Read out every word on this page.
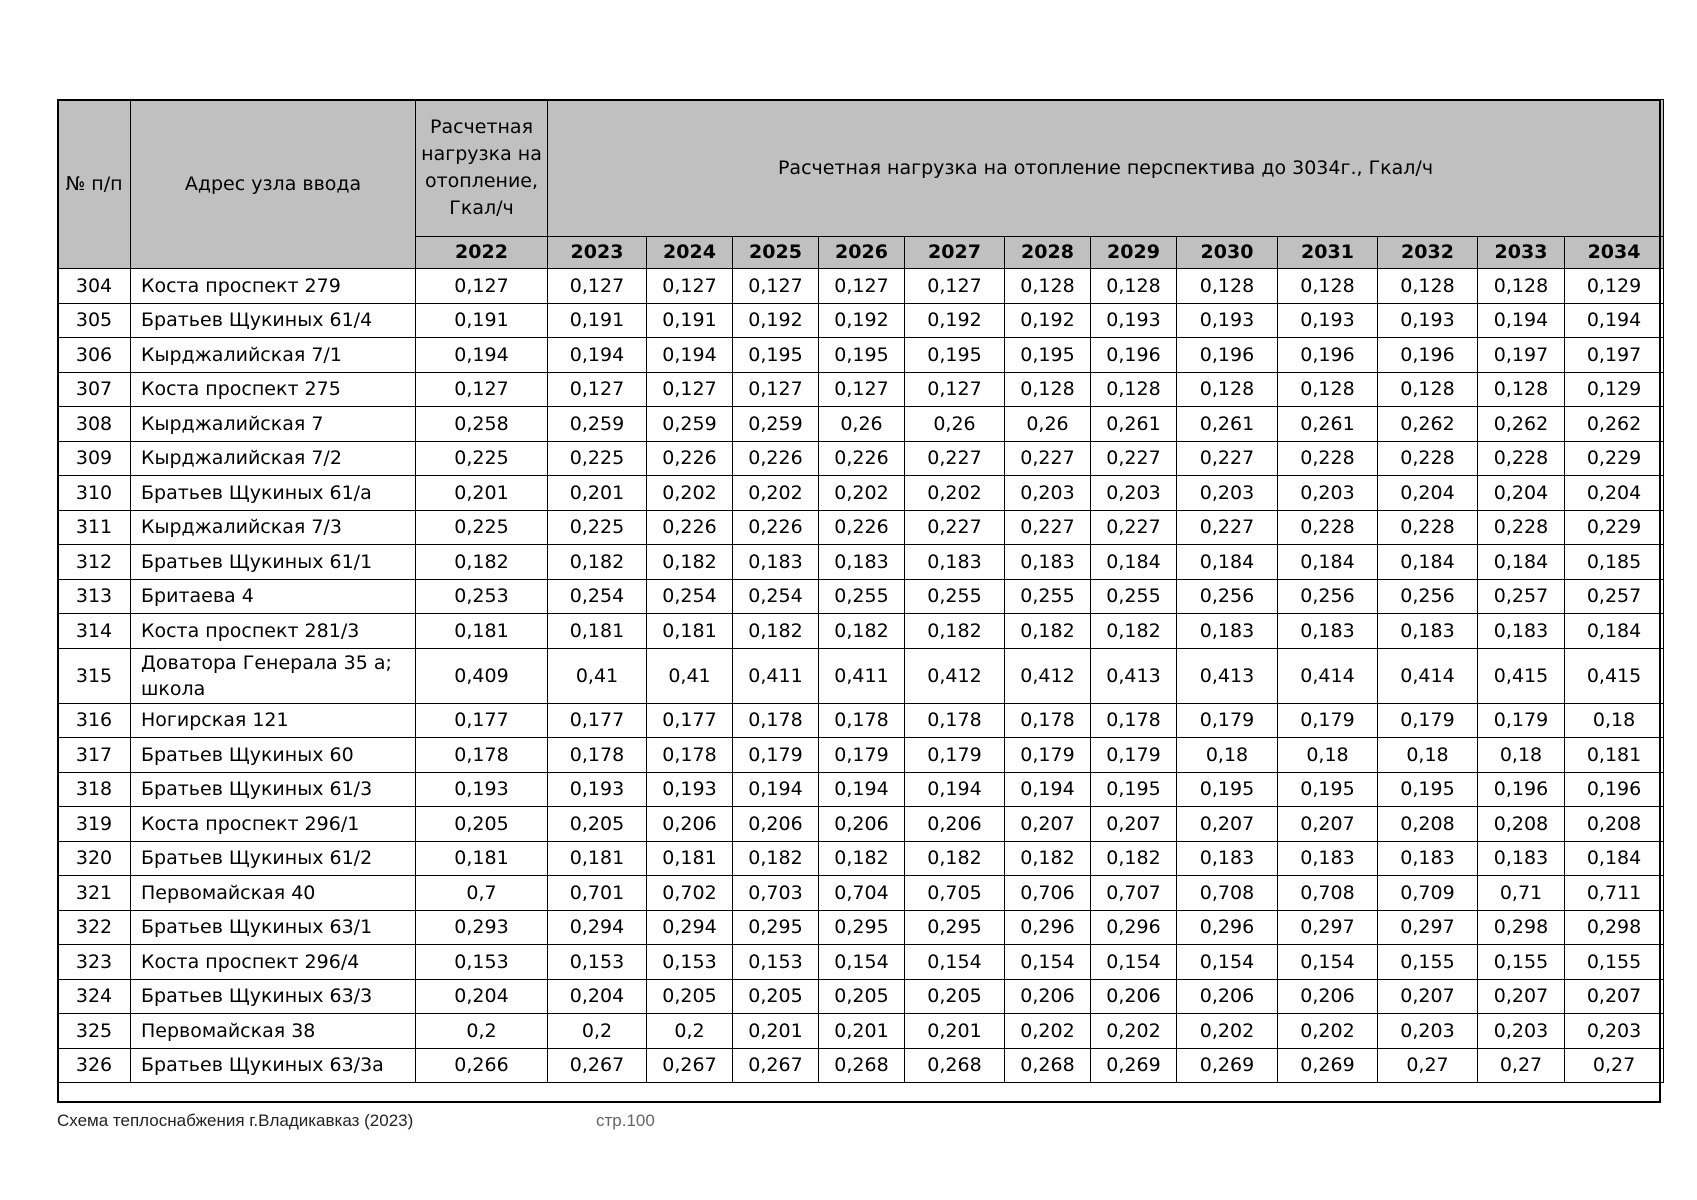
№ п/п	Адрес узла ввода	Расчетная нагрузка на отопление, Гкал/ч	Расчетная нагрузка на отопление перспектива до 3034г., Гкал/ч											
		2022	2023	2024	2025	2026	2027	2028	2029	2030	2031	2032	2033	2034
304	Коста проспект 279	0,127	0,127	0,127	0,127	0,127	0,127	0,128	0,128	0,128	0,128	0,128	0,128	0,129
305	Братьев Щукиных 61/4	0,191	0,191	0,191	0,192	0,192	0,192	0,192	0,193	0,193	0,193	0,193	0,194	0,194
306	Кырджалийская 7/1	0,194	0,194	0,194	0,195	0,195	0,195	0,195	0,196	0,196	0,196	0,196	0,197	0,197
307	Коста проспект 275	0,127	0,127	0,127	0,127	0,127	0,127	0,128	0,128	0,128	0,128	0,128	0,128	0,129
308	Кырджалийская 7	0,258	0,259	0,259	0,259	0,26	0,26	0,26	0,261	0,261	0,261	0,262	0,262	0,262
309	Кырджалийская 7/2	0,225	0,225	0,226	0,226	0,226	0,227	0,227	0,227	0,227	0,228	0,228	0,228	0,229
310	Братьев Щукиных 61/а	0,201	0,201	0,202	0,202	0,202	0,202	0,203	0,203	0,203	0,203	0,204	0,204	0,204
311	Кырджалийская 7/3	0,225	0,225	0,226	0,226	0,226	0,227	0,227	0,227	0,227	0,228	0,228	0,228	0,229
312	Братьев Щукиных 61/1	0,182	0,182	0,182	0,183	0,183	0,183	0,183	0,184	0,184	0,184	0,184	0,184	0,185
313	Бритаева 4	0,253	0,254	0,254	0,254	0,255	0,255	0,255	0,255	0,256	0,256	0,256	0,257	0,257
314	Коста проспект 281/3	0,181	0,181	0,181	0,182	0,182	0,182	0,182	0,182	0,183	0,183	0,183	0,183	0,184
315	Доватора Генерала 35 а; школа	0,409	0,41	0,41	0,411	0,411	0,412	0,412	0,413	0,413	0,414	0,414	0,415	0,415
316	Ногирская 121	0,177	0,177	0,177	0,178	0,178	0,178	0,178	0,178	0,179	0,179	0,179	0,179	0,18
317	Братьев Щукиных 60	0,178	0,178	0,178	0,179	0,179	0,179	0,179	0,179	0,18	0,18	0,18	0,18	0,181
318	Братьев Щукиных 61/3	0,193	0,193	0,193	0,194	0,194	0,194	0,194	0,195	0,195	0,195	0,195	0,196	0,196
319	Коста проспект 296/1	0,205	0,205	0,206	0,206	0,206	0,206	0,207	0,207	0,207	0,207	0,208	0,208	0,208
320	Братьев Щукиных 61/2	0,181	0,181	0,181	0,182	0,182	0,182	0,182	0,182	0,183	0,183	0,183	0,183	0,184
321	Первомайская 40	0,7	0,701	0,702	0,703	0,704	0,705	0,706	0,707	0,708	0,708	0,709	0,71	0,711
322	Братьев Щукиных 63/1	0,293	0,294	0,294	0,295	0,295	0,295	0,296	0,296	0,296	0,297	0,297	0,298	0,298
323	Коста проспект 296/4	0,153	0,153	0,153	0,153	0,154	0,154	0,154	0,154	0,154	0,154	0,155	0,155	0,155
324	Братьев Щукиных 63/3	0,204	0,204	0,205	0,205	0,205	0,205	0,206	0,206	0,206	0,206	0,207	0,207	0,207
325	Первомайская 38	0,2	0,2	0,2	0,201	0,201	0,201	0,202	0,202	0,202	0,202	0,203	0,203	0,203
326	Братьев Щукиных 63/3а	0,266	0,267	0,267	0,267	0,268	0,268	0,268	0,269	0,269	0,269	0,27	0,27	0,27
Схема теплоснабжения г.Владикавказ (2023)	стр.100
